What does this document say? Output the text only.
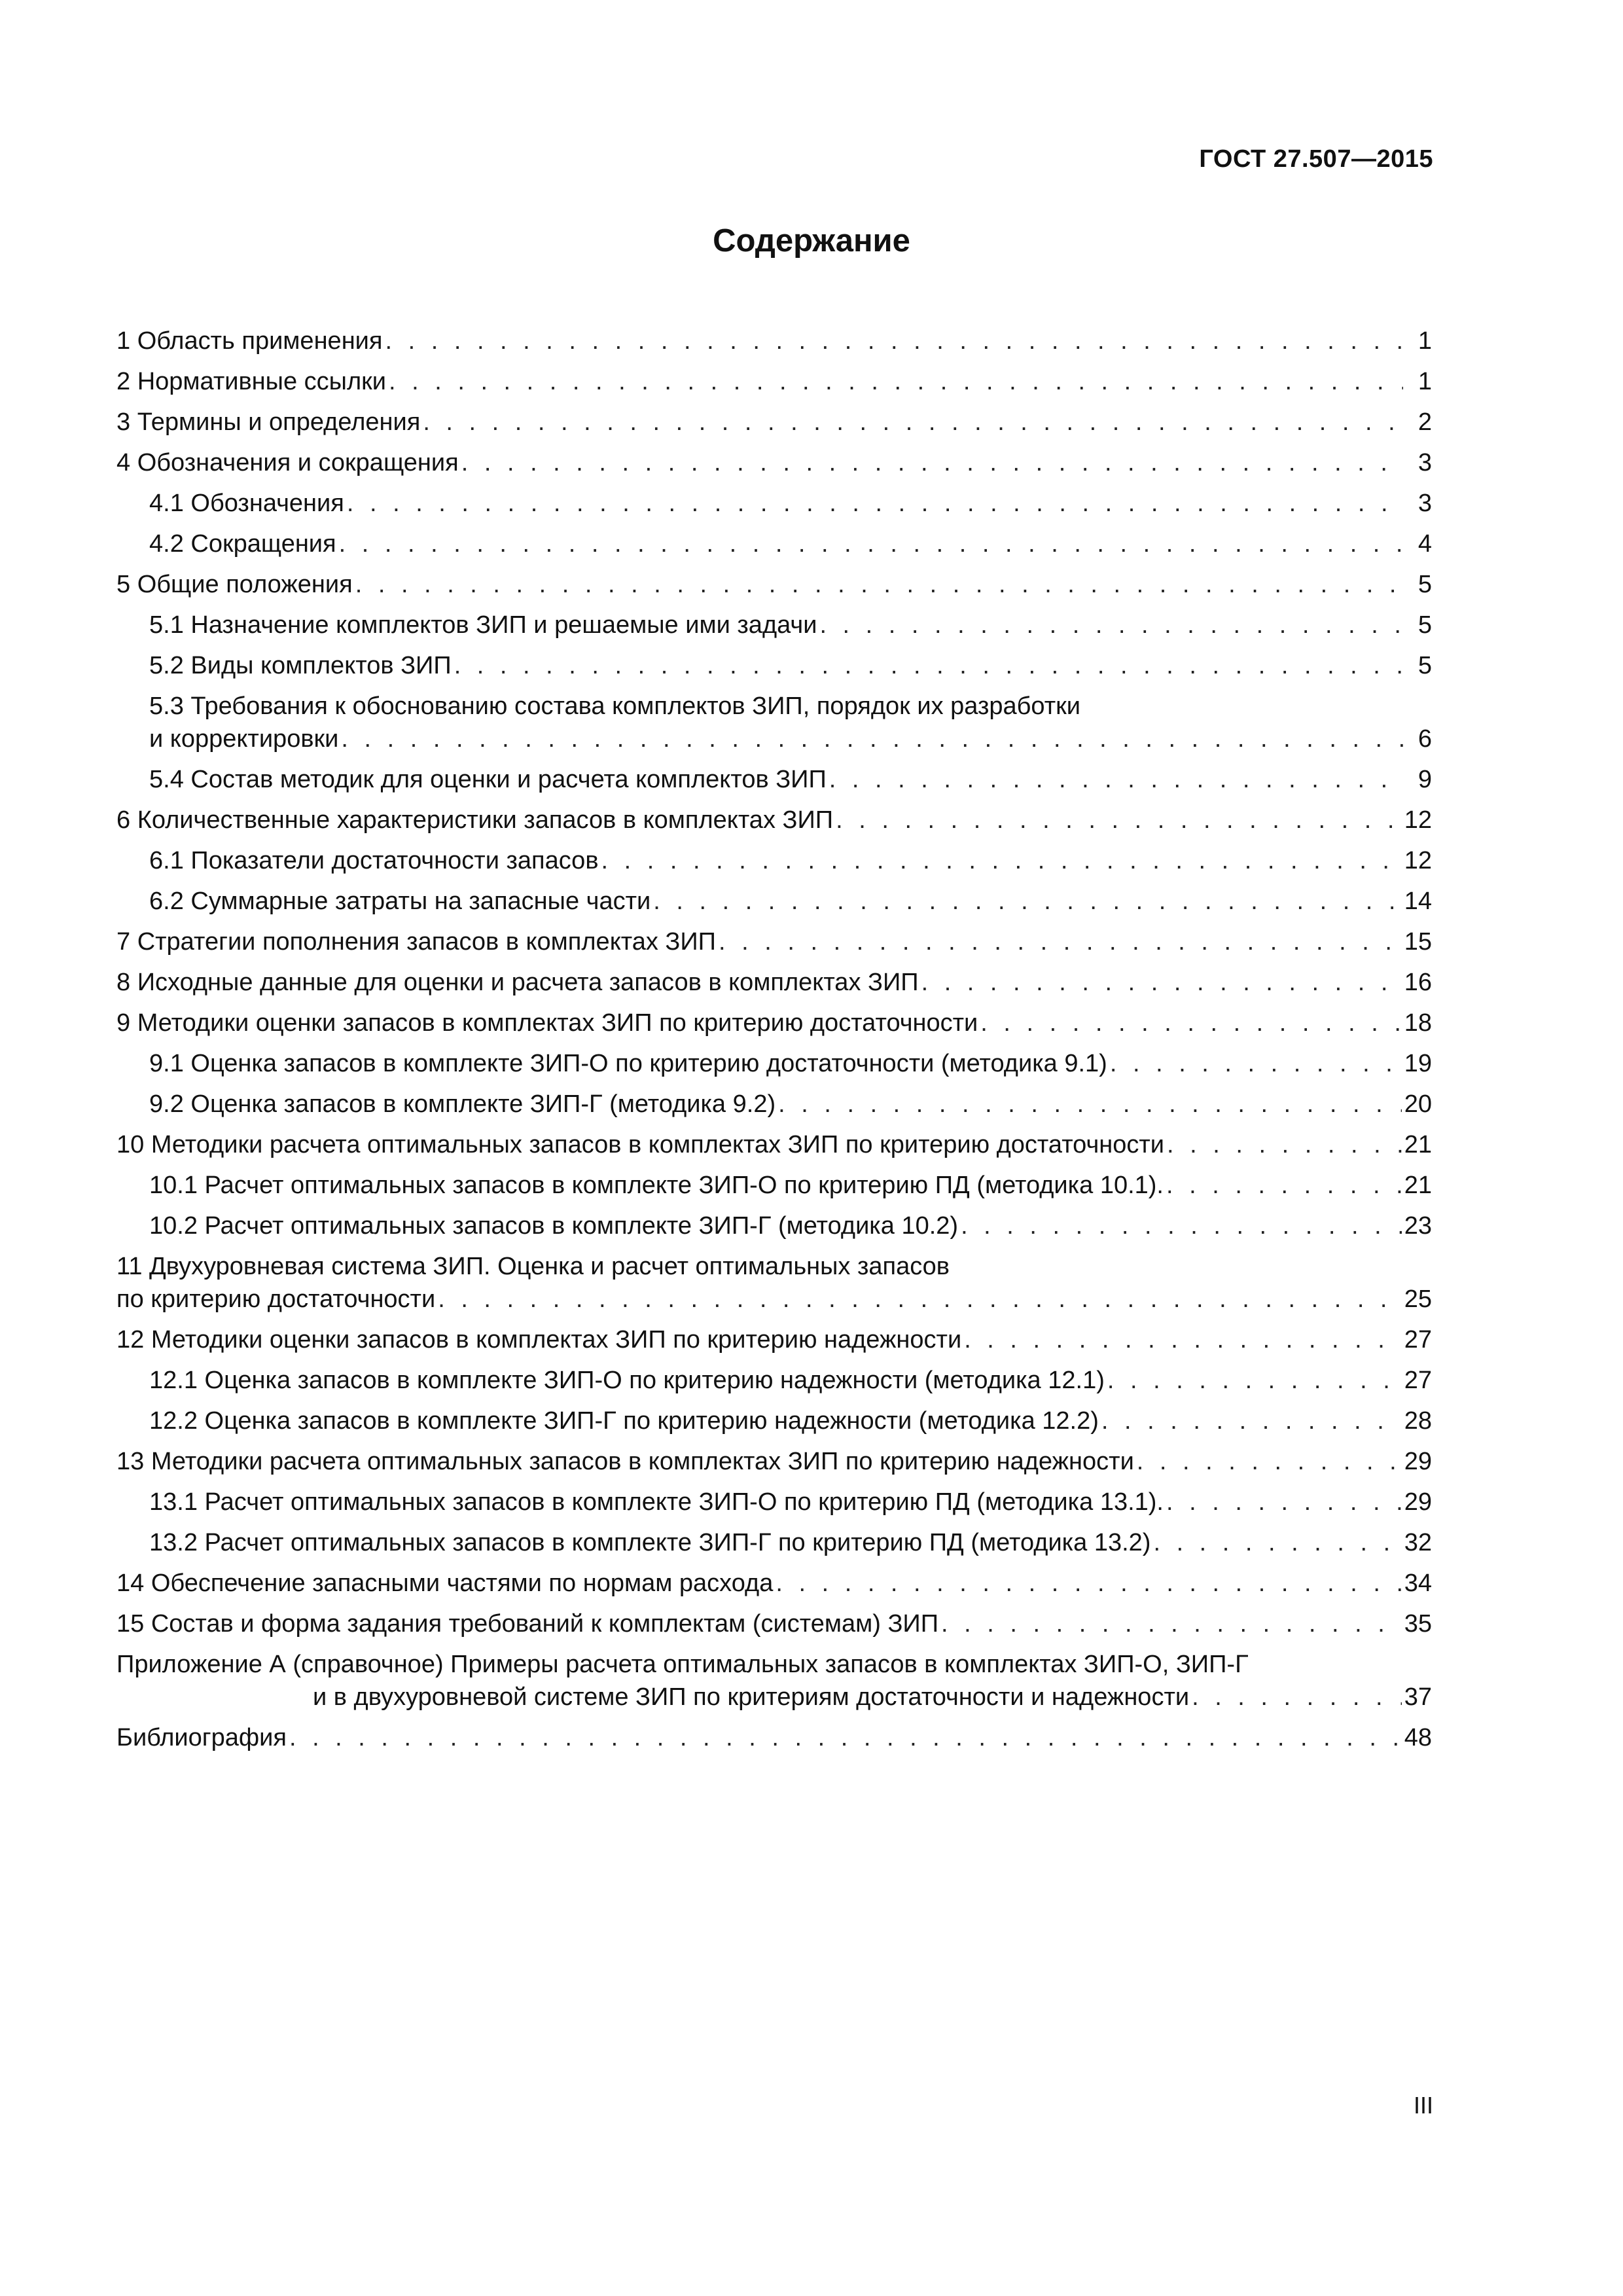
ГОСТ 27.507—2015
Содержание
1 Область применения . . .	1
2 Нормативные ссылки . . .	1
3 Термины и определения . . .	2
4 Обозначения и сокращения . . .	3
4.1 Обозначения . . .	3
4.2 Сокращения . . .	4
5 Общие положения . . .	5
5.1 Назначение комплектов ЗИП и решаемые ими задачи . . .	5
5.2 Виды комплектов ЗИП . . .	5
5.3 Требования к обоснованию состава комплектов ЗИП, порядок их разработки
и корректировки . . .	6
5.4 Состав методик для оценки и расчета комплектов ЗИП . . .	9
6 Количественные характеристики запасов в комплектах ЗИП . . .	12
6.1 Показатели достаточности запасов . . .	12
6.2 Суммарные затраты на запасные части . . .	14
7 Стратегии пополнения запасов в комплектах ЗИП . . .	15
8 Исходные данные для оценки и расчета запасов в комплектах ЗИП . . .	16
9 Методики оценки запасов в комплектах ЗИП по критерию достаточности . . .	18
9.1 Оценка запасов в комплекте ЗИП-О по критерию достаточности (методика 9.1) . . .	19
9.2 Оценка запасов в комплекте ЗИП-Г (методика 9.2) . . .	20
10 Методики расчета оптимальных запасов в комплектах ЗИП по критерию достаточности . . .	21
10.1 Расчет оптимальных запасов в комплекте ЗИП-О по критерию ПД (методика 10.1). . . .	21
10.2 Расчет оптимальных запасов в комплекте ЗИП-Г (методика 10.2) . . .	23
11 Двухуровневая система ЗИП. Оценка и расчет оптимальных запасов
по критерию достаточности . . .	25
12 Методики оценки запасов в комплектах ЗИП по критерию надежности . . .	27
12.1 Оценка запасов в комплекте ЗИП-О по критерию надежности (методика 12.1) . . .	27
12.2 Оценка запасов в комплекте ЗИП-Г по критерию надежности (методика 12.2) . . .	28
13 Методики расчета оптимальных запасов в комплектах ЗИП по критерию надежности . . .	29
13.1 Расчет оптимальных запасов в комплекте ЗИП-О по критерию ПД (методика 13.1). . . .	29
13.2 Расчет оптимальных запасов в комплекте ЗИП-Г по критерию ПД (методика 13.2) . . .	32
14 Обеспечение запасными частями по нормам расхода . . .	34
15 Состав и форма задания требований к комплектам (системам) ЗИП . . .	35
Приложение А (справочное) Примеры расчета оптимальных запасов в комплектах ЗИП-О, ЗИП-Г
и в двухуровневой системе ЗИП по критериям достаточности и надежности . . .	37
Библиография . . .	48
III
